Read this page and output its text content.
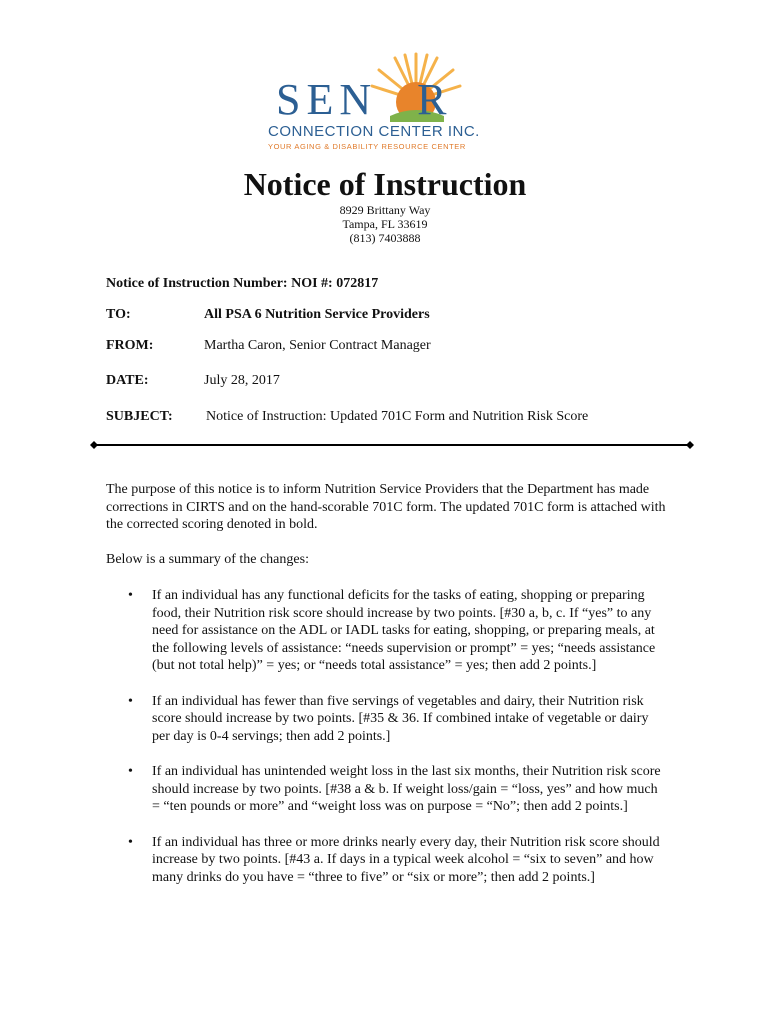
SEN R
CONNECTION CENTER INC.
YOUR AGING & DISABILITY RESOURCE CENTER
Notice of Instruction
8929 Brittany Way
Tampa, FL 33619
(813) 7403888
Notice of Instruction Number: NOI #: 072817
TO:	All PSA 6 Nutrition Service Providers
FROM:	Martha Caron, Senior Contract Manager
DATE:	July 28, 2017
SUBJECT: Notice of Instruction: Updated 701C Form and Nutrition Risk Score
The purpose of this notice is to inform Nutrition Service Providers that the Department has made corrections in CIRTS and on the hand-scorable 701C form. The updated 701C form is attached with the corrected scoring denoted in bold.
Below is a summary of the changes:
• If an individual has any functional deficits for the tasks of eating, shopping or preparing food, their Nutrition risk score should increase by two points. [#30 a, b, c. If “yes” to any need for assistance on the ADL or IADL tasks for eating, shopping, or preparing meals, at the following levels of assistance: “needs supervision or prompt” = yes; “needs assistance (but not total help)” = yes; or “needs total assistance” = yes; then add 2 points.]
• If an individual has fewer than five servings of vegetables and dairy, their Nutrition risk score should increase by two points. [#35 & 36. If combined intake of vegetable or dairy per day is 0-4 servings; then add 2 points.]
• If an individual has unintended weight loss in the last six months, their Nutrition risk score should increase by two points. [#38 a & b. If weight loss/gain = “loss, yes” and how much = “ten pounds or more” and “weight loss was on purpose = “No”; then add 2 points.]
• If an individual has three or more drinks nearly every day, their Nutrition risk score should increase by two points. [#43 a. If days in a typical week alcohol = “six to seven” and how many drinks do you have = “three to five” or “six or more”; then add 2 points.]
